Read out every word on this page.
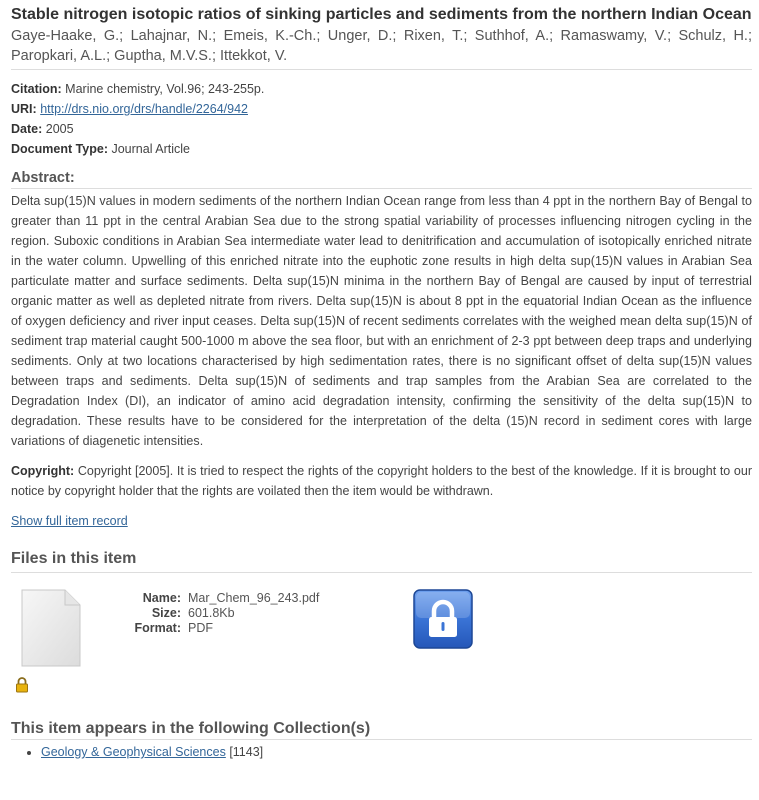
Stable nitrogen isotopic ratios of sinking particles and sediments from the northern Indian Ocean
Gaye-Haake, G.; Lahajnar, N.; Emeis, K.-Ch.; Unger, D.; Rixen, T.; Suthhof, A.; Ramaswamy, V.; Schulz, H.; Paropkari, A.L.; Guptha, M.V.S.; Ittekkot, V.
Citation: Marine chemistry, Vol.96; 243-255p.
URI: http://drs.nio.org/drs/handle/2264/942
Date: 2005
Document Type: Journal Article
Abstract:
Delta sup(15)N values in modern sediments of the northern Indian Ocean range from less than 4 ppt in the northern Bay of Bengal to greater than 11 ppt in the central Arabian Sea due to the strong spatial variability of processes influencing nitrogen cycling in the region. Suboxic conditions in Arabian Sea intermediate water lead to denitrification and accumulation of isotopically enriched nitrate in the water column. Upwelling of this enriched nitrate into the euphotic zone results in high delta sup(15)N values in Arabian Sea particulate matter and surface sediments. Delta sup(15)N minima in the northern Bay of Bengal are caused by input of terrestrial organic matter as well as depleted nitrate from rivers. Delta sup(15)N is about 8 ppt in the equatorial Indian Ocean as the influence of oxygen deficiency and river input ceases. Delta sup(15)N of recent sediments correlates with the weighed mean delta sup(15)N of sediment trap material caught 500-1000 m above the sea floor, but with an enrichment of 2-3 ppt between deep traps and underlying sediments. Only at two locations characterised by high sedimentation rates, there is no significant offset of delta sup(15)N values between traps and sediments. Delta sup(15)N of sediments and trap samples from the Arabian Sea are correlated to the Degradation Index (DI), an indicator of amino acid degradation intensity, confirming the sensitivity of the delta sup(15)N to degradation. These results have to be considered for the interpretation of the delta (15)N record in sediment cores with large variations of diagenetic intensities.
Copyright: Copyright [2005]. It is tried to respect the rights of the copyright holders to the best of the knowledge. If it is brought to our notice by copyright holder that the rights are voilated then the item would be withdrawn.
Show full item record
Files in this item
Name: Mar_Chem_96_243.pdf
Size: 601.8Kb
Format: PDF
This item appears in the following Collection(s)
• Geology & Geophysical Sciences [1143]
